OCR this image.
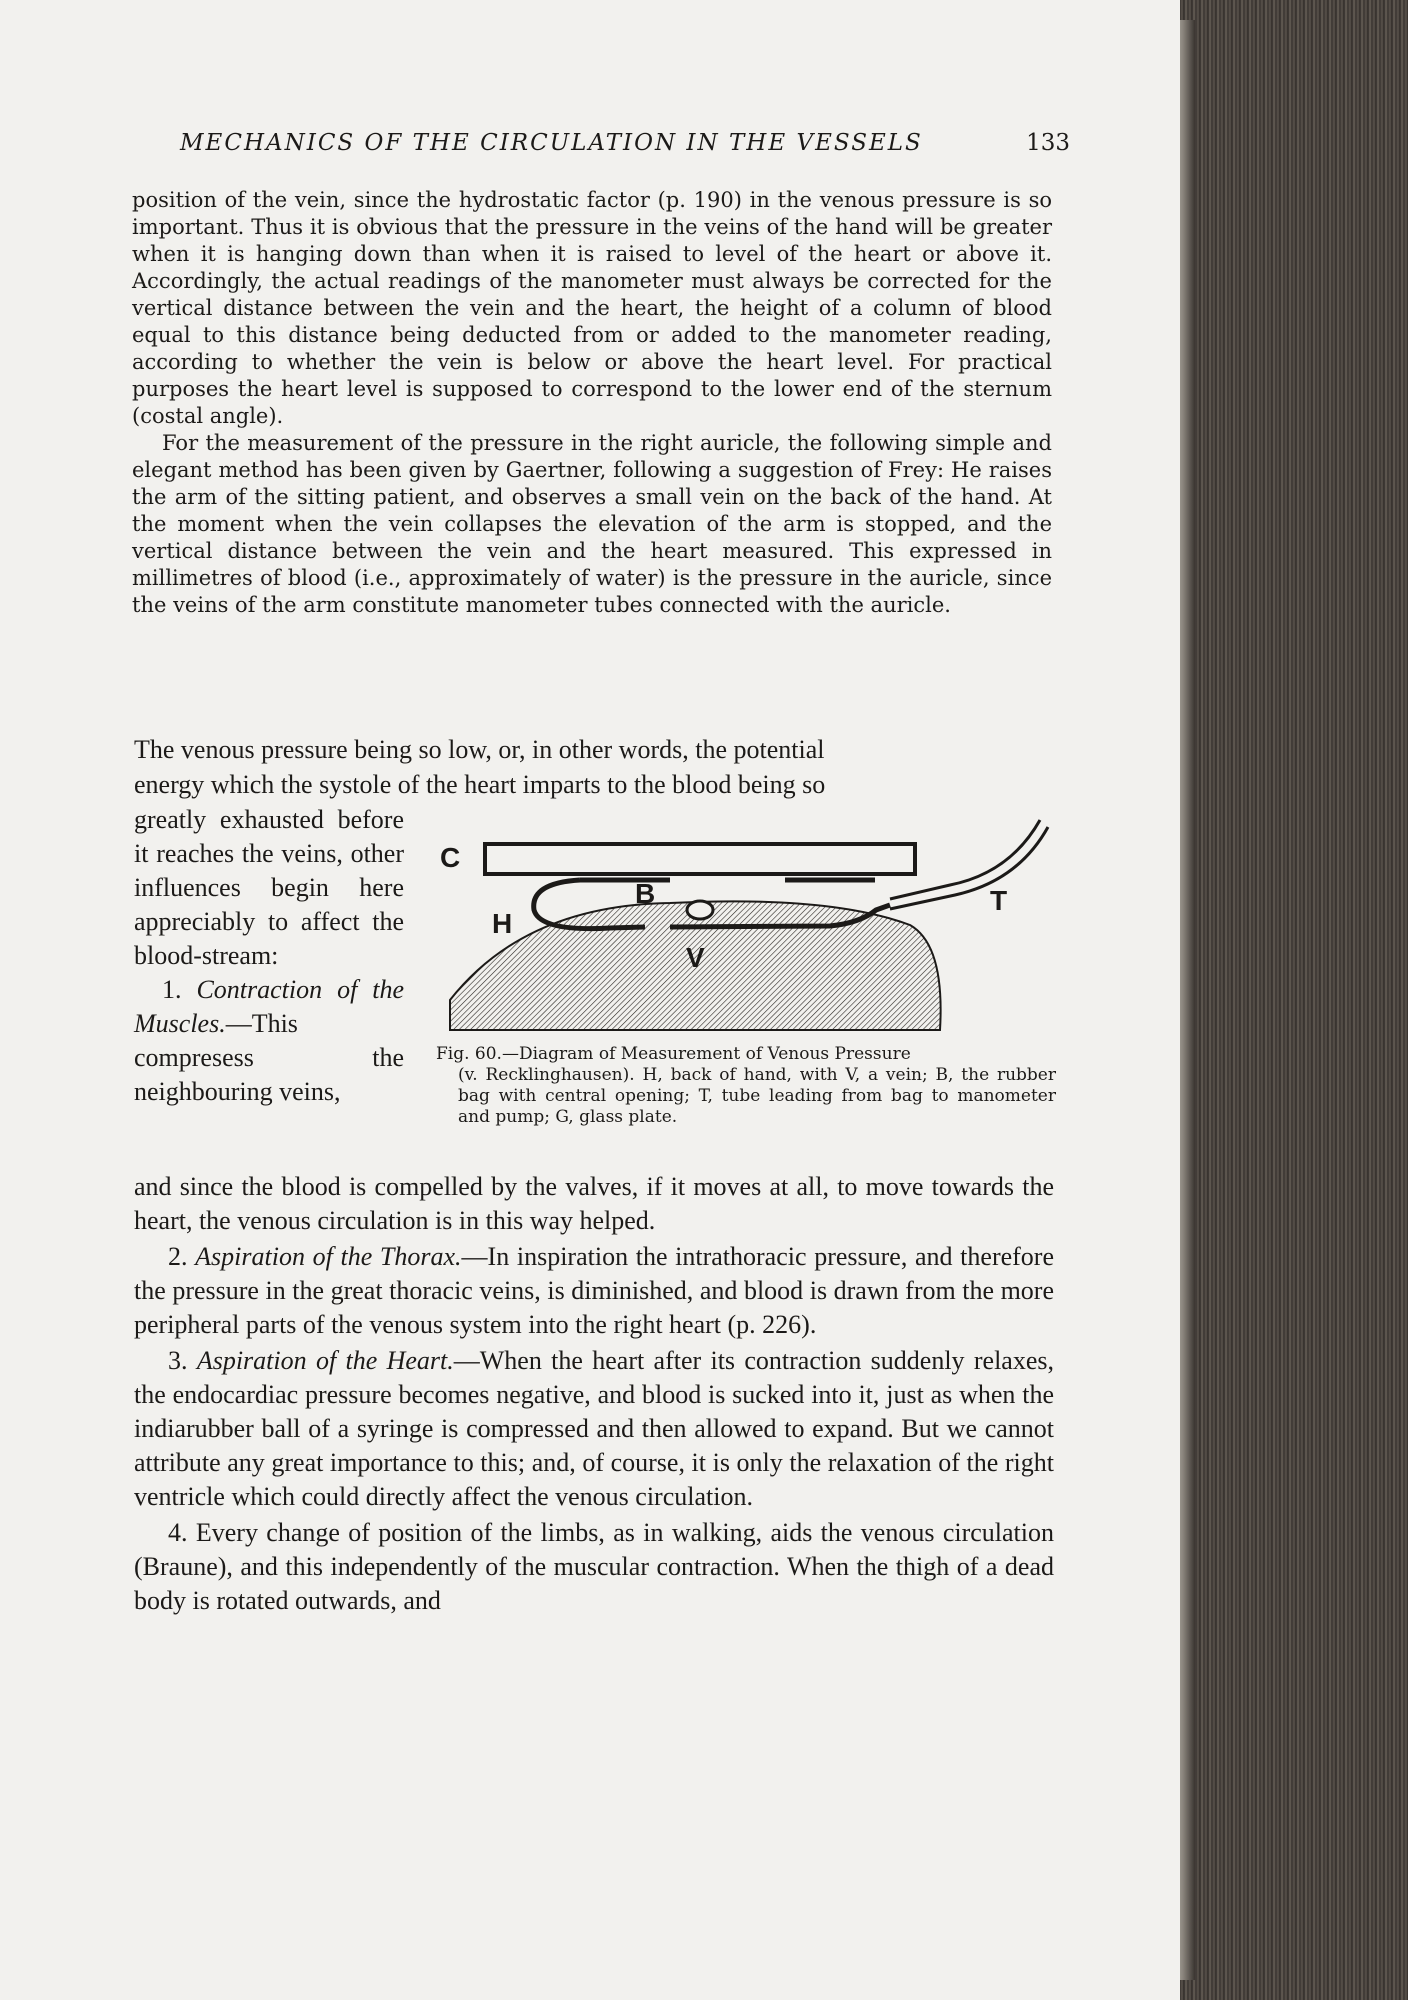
MECHANICS OF THE CIRCULATION IN THE VESSELS	133

position of the vein, since the hydrostatic factor (p. 190) in the venous pressure is so important. Thus it is obvious that the pressure in the veins of the hand will be greater when it is hanging down than when it is raised to level of the heart or above it. Accordingly, the actual readings of the manometer must always be corrected for the vertical distance between the vein and the heart, the height of a column of blood equal to this distance being deducted from or added to the manometer reading, according to whether the vein is below or above the heart level. For practical purposes the heart level is supposed to correspond to the lower end of the sternum (costal angle).

For the measurement of the pressure in the right auricle, the following simple and elegant method has been given by Gaertner, following a suggestion of Frey: He raises the arm of the sitting patient, and observes a small vein on the back of the hand. At the moment when the vein collapses the elevation of the arm is stopped, and the vertical distance between the vein and the heart measured. This expressed in millimetres of blood (i.e., approximately of water) is the pressure in the auricle, since the veins of the arm constitute manometer tubes connected with the auricle.

The venous pressure being so low, or, in other words, the potential

energy which the systole of the heart imparts to the blood being so

greatly exhausted before it reaches the veins, other influences begin here appreciably to affect the blood-stream:

1. Contraction of the Muscles.—This compresess the neighbouring veins,

C
B	T
H
V

Fig. 60.—Diagram of Measurement of Venous Pressure
(v. Recklinghausen). H, back of hand, with V, a vein; B, the rubber bag with central opening; T, tube leading from bag to manometer and pump; G, glass plate.

and since the blood is compelled by the valves, if it moves at all, to move towards the heart, the venous circulation is in this way helped.

2. Aspiration of the Thorax.—In inspiration the intrathoracic pressure, and therefore the pressure in the great thoracic veins, is diminished, and blood is drawn from the more peripheral parts of the venous system into the right heart (p. 226).

3. Aspiration of the Heart.—When the heart after its contraction suddenly relaxes, the endocardiac pressure becomes negative, and blood is sucked into it, just as when the indiarubber ball of a syringe is compressed and then allowed to expand. But we cannot attribute any great importance to this; and, of course, it is only the relaxation of the right ventricle which could directly affect the venous circulation.

4. Every change of position of the limbs, as in walking, aids the venous circulation (Braune), and this independently of the muscular contraction. When the thigh of a dead body is rotated outwards, and
